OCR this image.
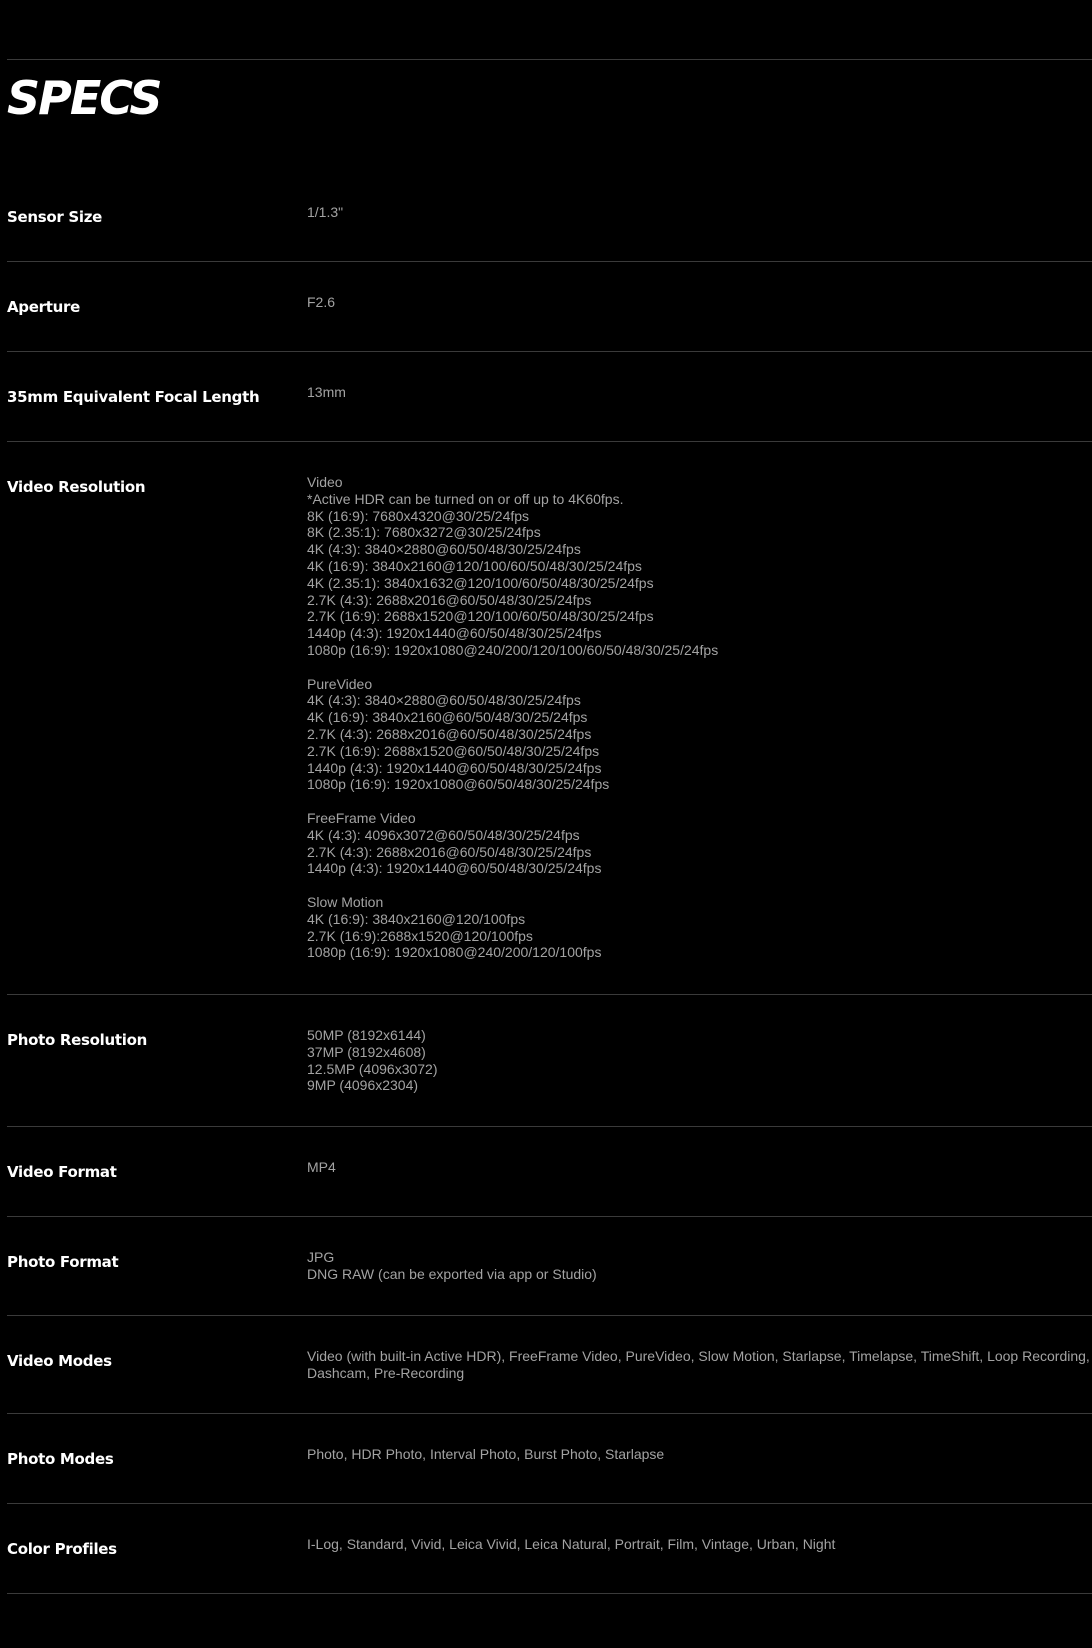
SPECS
Sensor Size	1/1.3"
Aperture	F2.6
35mm Equivalent Focal Length	13mm
Video Resolution	Video
*Active HDR can be turned on or off up to 4K60fps.
8K (16:9): 7680x4320@30/25/24fps
8K (2.35:1): 7680x3272@30/25/24fps
4K (4:3): 3840×2880@60/50/48/30/25/24fps
4K (16:9): 3840x2160@120/100/60/50/48/30/25/24fps
4K (2.35:1): 3840x1632@120/100/60/50/48/30/25/24fps
2.7K (4:3): 2688x2016@60/50/48/30/25/24fps
2.7K (16:9): 2688x1520@120/100/60/50/48/30/25/24fps
1440p (4:3): 1920x1440@60/50/48/30/25/24fps
1080p (16:9): 1920x1080@240/200/120/100/60/50/48/30/25/24fps
PureVideo
4K (4:3): 3840×2880@60/50/48/30/25/24fps
4K (16:9): 3840x2160@60/50/48/30/25/24fps
2.7K (4:3): 2688x2016@60/50/48/30/25/24fps
2.7K (16:9): 2688x1520@60/50/48/30/25/24fps
1440p (4:3): 1920x1440@60/50/48/30/25/24fps
1080p (16:9): 1920x1080@60/50/48/30/25/24fps
FreeFrame Video
4K (4:3): 4096x3072@60/50/48/30/25/24fps
2.7K (4:3): 2688x2016@60/50/48/30/25/24fps
1440p (4:3): 1920x1440@60/50/48/30/25/24fps
Slow Motion
4K (16:9): 3840x2160@120/100fps
2.7K (16:9):2688x1520@120/100fps
1080p (16:9): 1920x1080@240/200/120/100fps
Photo Resolution	50MP (8192x6144)
37MP (8192x4608)
12.5MP (4096x3072)
9MP (4096x2304)
Video Format	MP4
Photo Format	JPG
DNG RAW (can be exported via app or Studio)
Video Modes	Video (with built-in Active HDR), FreeFrame Video, PureVideo, Slow Motion, Starlapse, Timelapse, TimeShift, Loop Recording, Dashcam, Pre-Recording
Photo Modes	Photo, HDR Photo, Interval Photo, Burst Photo, Starlapse
Color Profiles	I-Log, Standard, Vivid, Leica Vivid, Leica Natural, Portrait, Film, Vintage, Urban, Night
